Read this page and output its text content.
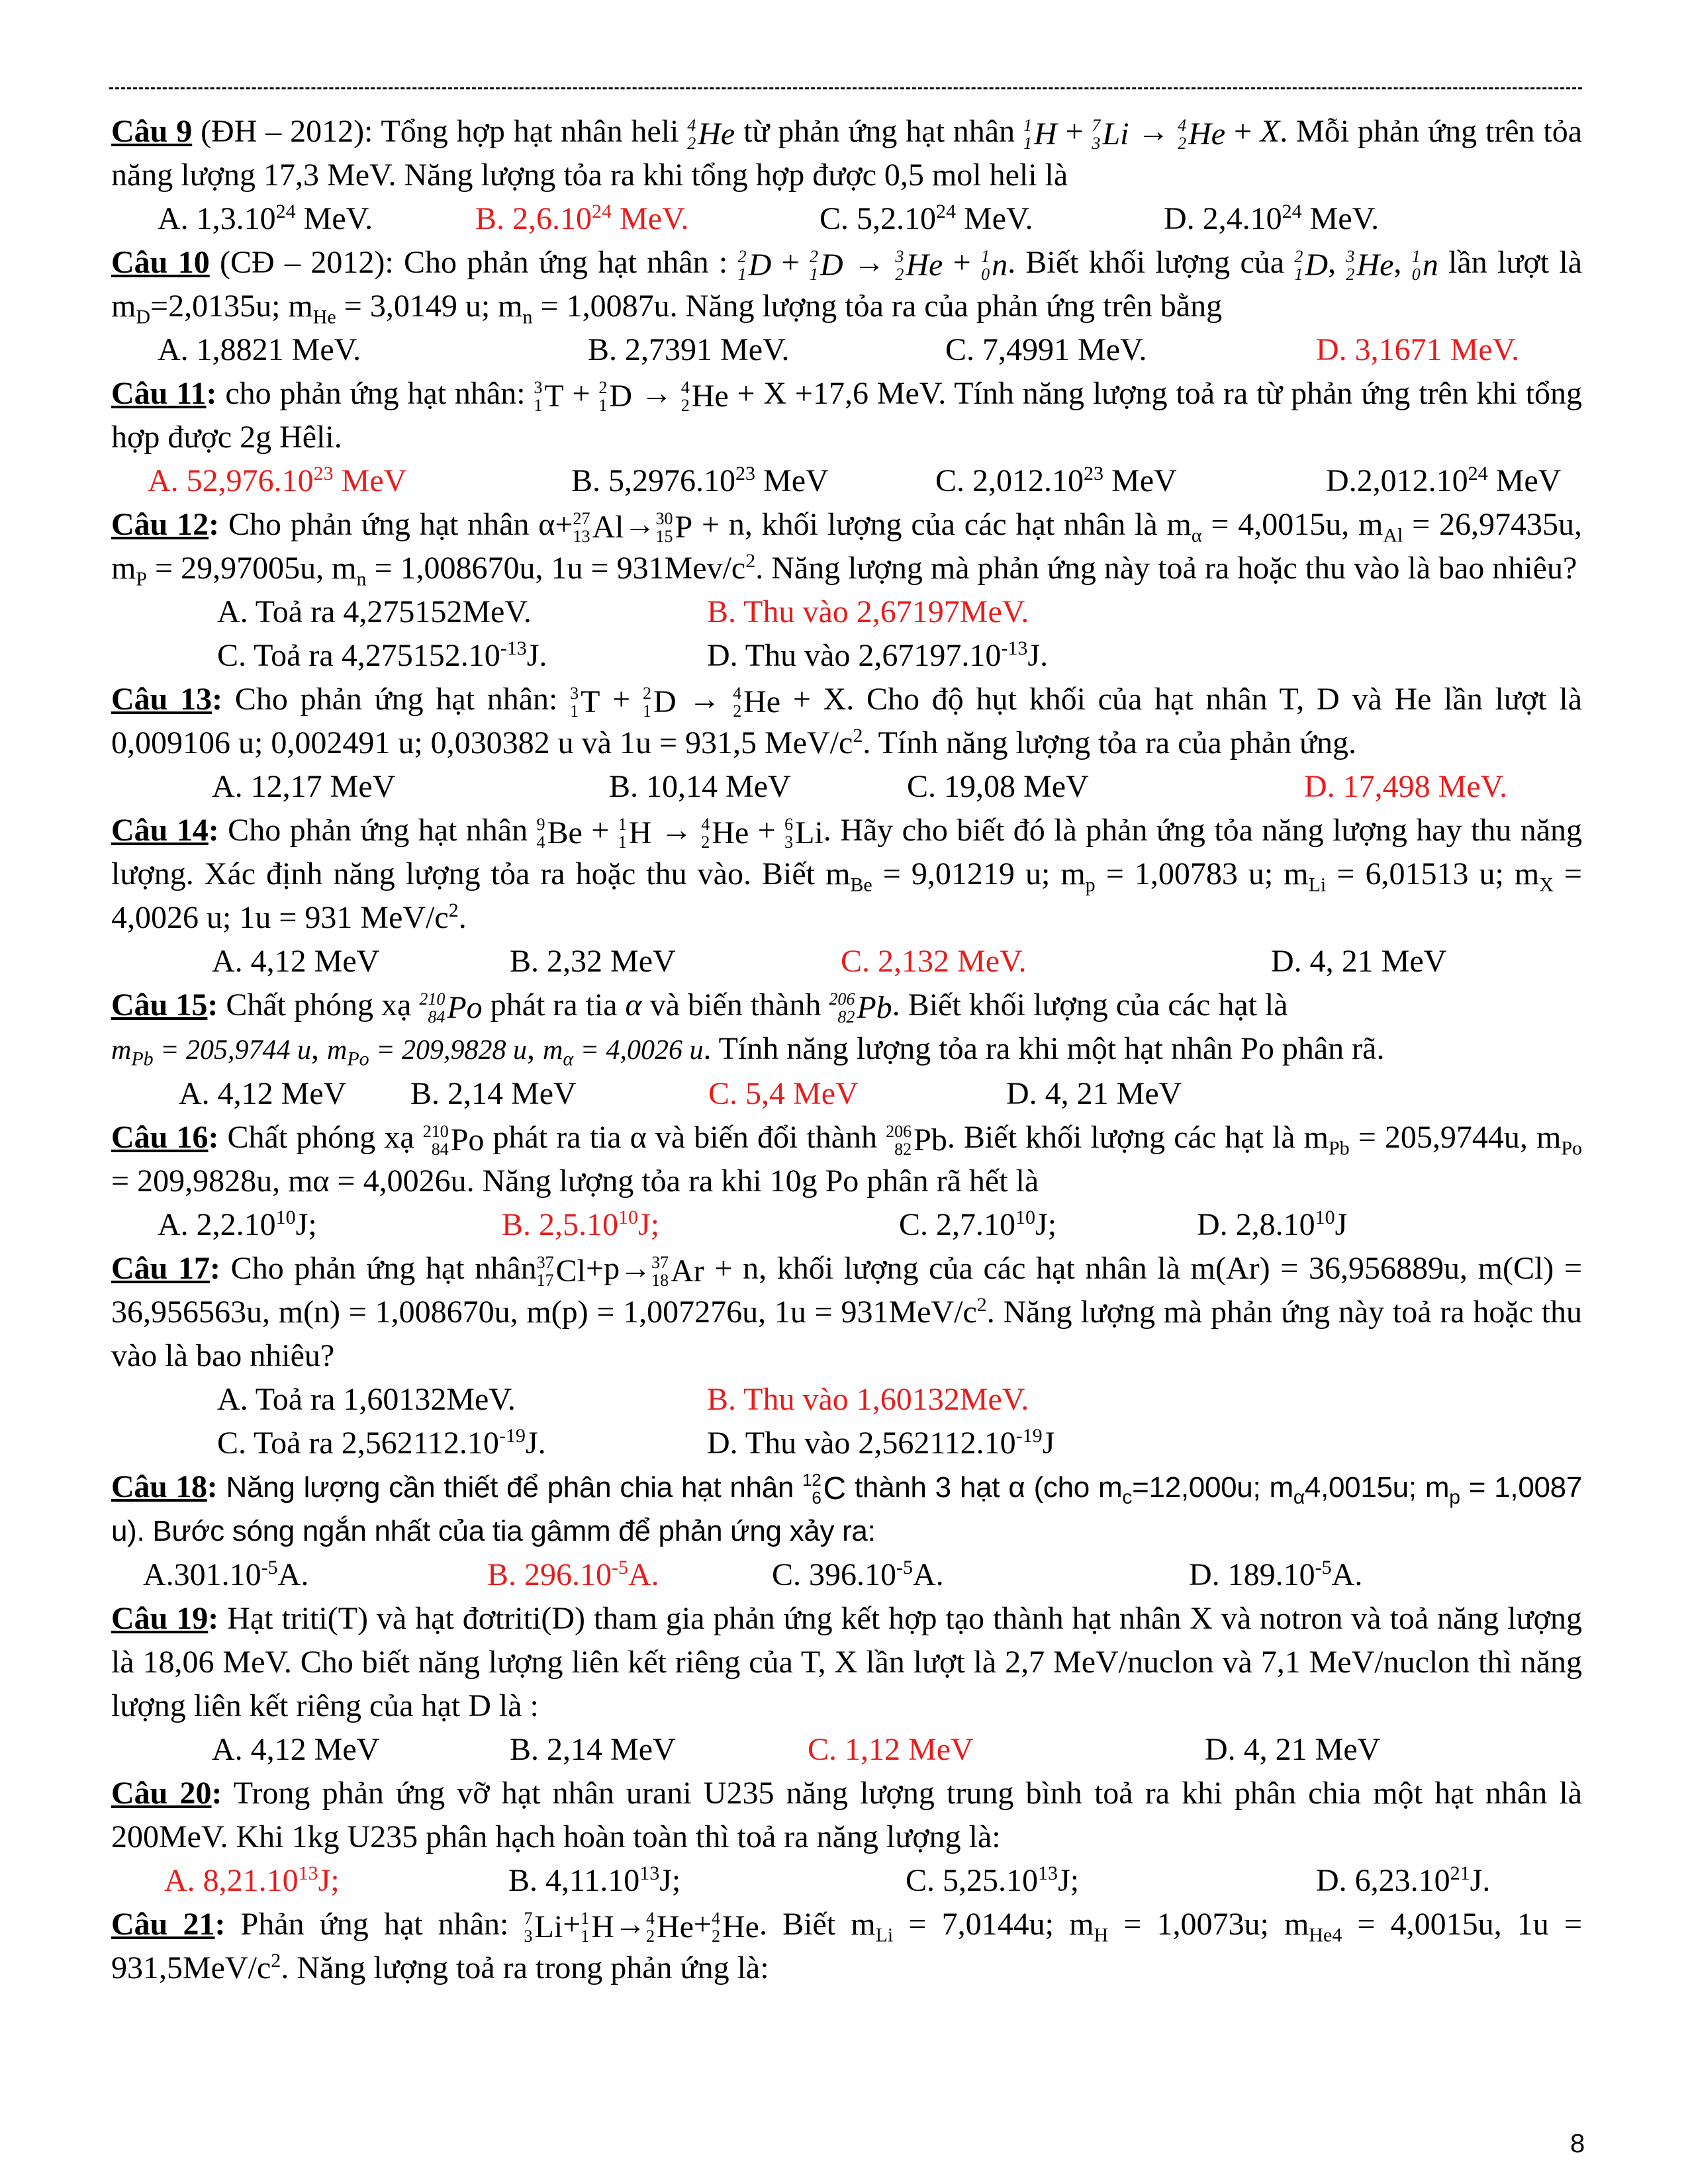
Câu 9 (ĐH – 2012): Tổng hợp hạt nhân heli 4
2 He từ phản ứng hạt nhân 1
1 H + 7
3 Li → 4
2 He + X. Mỗi phản ứng trên tỏa năng lượng 17,3 MeV. Năng lượng tỏa ra khi tổng hợp được 0,5 mol heli là

A. 1,3.10$^{24}$ MeV.	B. 2,6.10$^{24}$ MeV.	C. 5,2.10$^{24}$ MeV.	D. 2,4.10$^{24}$ MeV.

Câu 10 (CĐ – 2012): Cho phản ứng hạt nhân : 2
1 D + 2
1 D → 3
2 He + 1
0 n . Biết khối lượng của 2
1 D , 3
2 He , 1
0 n lần lượt là $m_D=2,0135u$; $m_{He} = 3,0149$ u; $m_n = 1,0087u$. Năng lượng tỏa ra của phản ứng trên bằng

A. 1,8821 MeV.	B. 2,7391 MeV.	C. 7,4991 MeV.	D. 3,1671 MeV.

Câu 11: cho phản ứng hạt nhân: 3
1 T + 2
1 D → 4
2 He + X +17,6 MeV. Tính năng lượng toả ra từ phản ứng trên khi tổng hợp được 2g Hêli.

A. 52,976.10$^{23}$ MeV	B. 5,2976.10$^{23}$ MeV	C. 2,012.10$^{23}$ MeV	D.2,012.10$^{24}$ MeV

Câu 12: Cho phản ứng hạt nhân α+ 27
13 Al → 30
15 P + n, khối lượng của các hạt nhân là $m_\alpha = 4,0015u$, $m_{Al} = 26,97435u$, $m_P = 29,97005u$, $m_n = 1,008670u$, $1u = 931Mev/c^2$. Năng lượng mà phản ứng này toả ra hoặc thu vào là bao nhiêu?

A. Toả ra 4,275152MeV.	B. Thu vào 2,67197MeV.
C. Toả ra $4,275152.10^{-13}J$.	D. Thu vào $2,67197.10^{-13}J$.

Câu 13: Cho phản ứng hạt nhân: 3
1 T + 2
1 D → 4
2 He + X. Cho độ hụt khối của hạt nhân T, D và He lần lượt là 0,009106 u; 0,002491 u; 0,030382 u và 1u = 931,5 MeV/$c^2$. Tính năng lượng tỏa ra của phản ứng.

A. 12,17 MeV	B. 10,14 MeV	C. 19,08 MeV	D. 17,498 MeV.

Câu 14: Cho phản ứng hạt nhân 9
4 Be + 1
1 H → 4
2 He + 6
3 Li . Hãy cho biết đó là phản ứng tỏa năng lượng hay thu năng lượng. Xác định năng lượng tỏa ra hoặc thu vào. Biết $m_{Be} = 9,01219$ u; $m_p = 1,00783$ u; $m_{Li} = 6,01513$ u; $m_X = 4,0026$ u; 1u = 931 MeV/$c^2$.

A. 4,12 MeV	B. 2,32 MeV	C. 2,132 MeV.	D. 4, 21 MeV

Câu 15: Chất phóng xạ 210
84 Po phát ra tia α và biến thành 206
82 Pb . Biết khối lượng của các hạt là
$m_{Pb} = 205,9744$ u, $m_{Po} = 209,9828$ u, $m_\alpha = 4,0026$ u. Tính năng lượng tỏa ra khi một hạt nhân Po phân rã.

A. 4,12 MeV	B. 2,14 MeV	C. 5,4 MeV	D. 4, 21 MeV

Câu 16: Chất phóng xạ 210
84 Po phát ra tia α và biến đổi thành 206
82 Pb . Biết khối lượng các hạt là $m_{Pb} = 205,9744u$, $m_{Po} = 209,9828u$, mα = 4,0026u. Năng lượng tỏa ra khi 10g Po phân rã hết là

A. 2,2.10$^{10}$J;	B. 2,5.10$^{10}$J;	C. 2,7.10$^{10}$J;	D. 2,8.10$^{10}$J

Câu 17: Cho phản ứng hạt nhân 37
17 Cl +p→ 37
18 Ar + n, khối lượng của các hạt nhân là m(Ar) = 36,956889u, m(Cl) = 36,956563u, m(n) = 1,008670u, m(p) = 1,007276u, $1u = 931MeV/c^2$. Năng lượng mà phản ứng này toả ra hoặc thu vào là bao nhiêu?

A. Toả ra 1,60132MeV.	B. Thu vào 1,60132MeV.
C. Toả ra $2,562112.10^{-19}J$.	D. Thu vào $2,562112.10^{-19}J$

Câu 18: Năng lượng cần thiết để phân chia hạt nhân 12
6 C thành 3 hạt α (cho $m_c=12,000u$; $m_\alpha 4,0015u$; $m_p = 1,0087$ u). Bước sóng ngắn nhất của tia gâmm để phản ứng xảy ra:

$A.301.10^{-5}A$.	B. $296.10^{-5}A$.	C. $396.10^{-5}A$.	D. $189.10^{-5}A$.

Câu 19: Hạt triti(T) và hạt đơtriti(D) tham gia phản ứng kết hợp tạo thành hạt nhân X và notron và toả năng lượng là 18,06 MeV. Cho biết năng lượng liên kết riêng của T, X lần lượt là 2,7 MeV/nuclon và 7,1 MeV/nuclon thì năng lượng liên kết riêng của hạt D là :

A. 4,12 MeV	B. 2,14 MeV	C. 1,12 MeV	D. 4, 21 MeV

Câu 20: Trong phản ứng vỡ hạt nhân urani U235 năng lượng trung bình toả ra khi phân chia một hạt nhân là 200MeV. Khi 1kg U235 phân hạch hoàn toàn thì toả ra năng lượng là:

A. 8,21.10$^{13}$J;	B. 4,11.10$^{13}$J;	C. 5,25.10$^{13}$J;	D. 6,23.10$^{21}$J.

Câu 21: Phản ứng hạt nhân: 7
3 Li + 1
1 H → 4
2 He + 4
2 He . Biết $m_{Li} = 7,0144u$; $m_H = 1,0073u$; $m_{He4} = 4,0015u$, $1u = 931,5MeV/c^2$. Năng lượng toả ra trong phản ứng là:

8
